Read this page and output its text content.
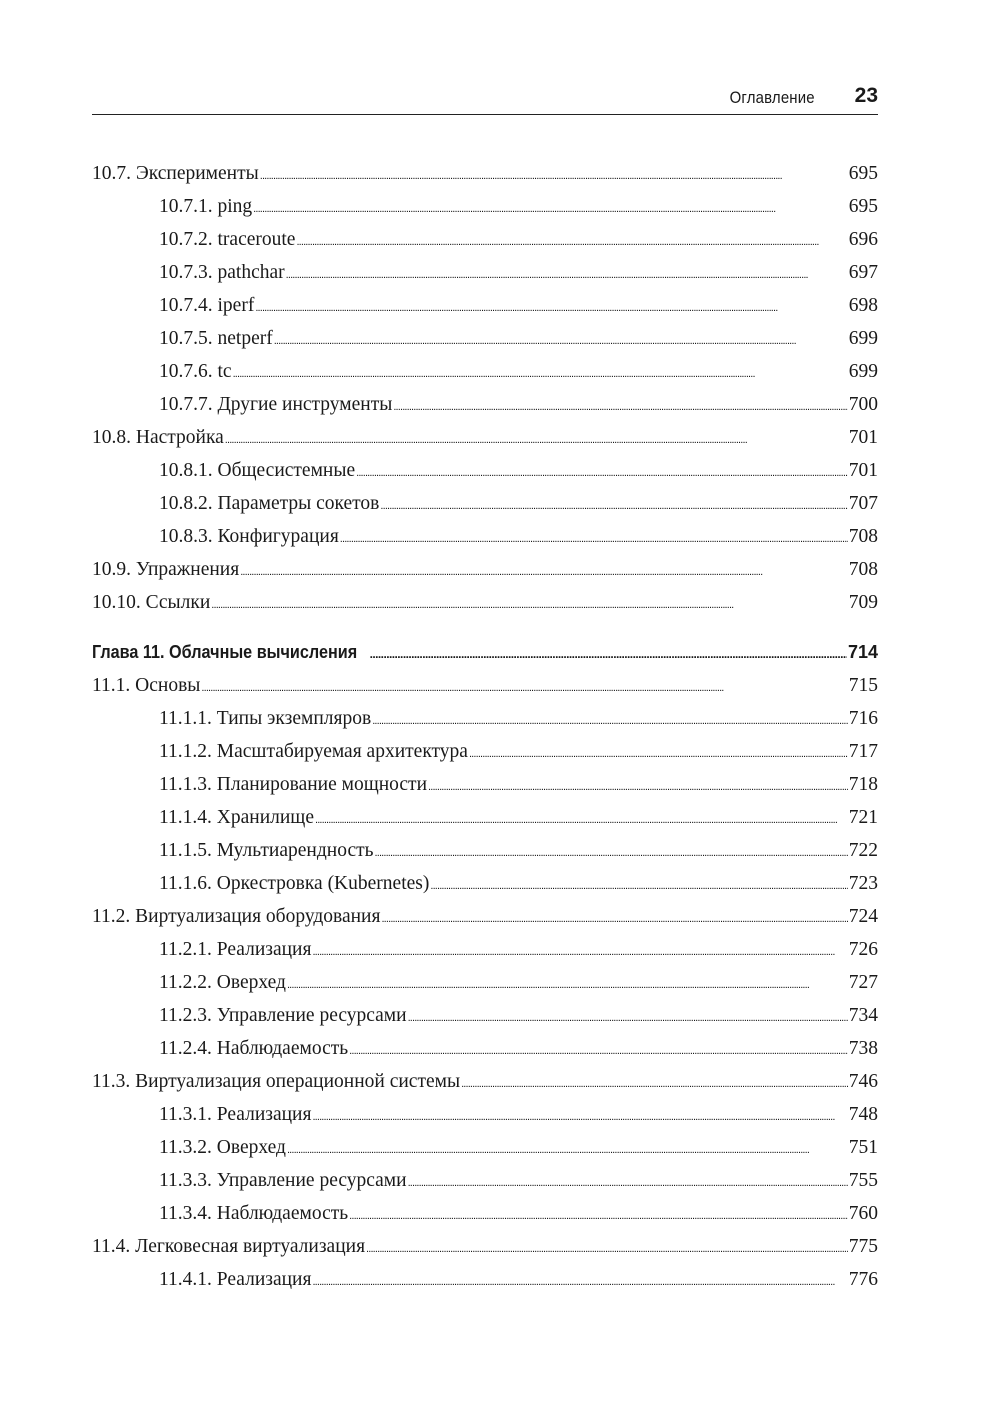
Оглавление 23
10.7. Эксперименты . . .	695
10.7.1. ping . . .	695
10.7.2. traceroute . . .	696
10.7.3. pathchar . . .	697
10.7.4. iperf . . .	698
10.7.5. netperf . . .	699
10.7.6. tc . . .	699
10.7.7. Другие инструменты . . .	700
10.8. Настройка . . .	701
10.8.1. Общесистемные . . .	701
10.8.2. Параметры сокетов . . .	707
10.8.3. Конфигурация . . .	708
10.9. Упражнения . . .	708
10.10. Ссылки . . .	709
Глава 11. Облачные вычисления . . .	714
11.1. Основы . . .	715
11.1.1. Типы экземпляров . . .	716
11.1.2. Масштабируемая архитектура . . .	717
11.1.3. Планирование мощности . . .	718
11.1.4. Хранилище . . .	721
11.1.5. Мультиарендность . . .	722
11.1.6. Оркестровка (Kubernetes) . . .	723
11.2. Виртуализация оборудования . . .	724
11.2.1. Реализация . . .	726
11.2.2. Оверхед . . .	727
11.2.3. Управление ресурсами . . .	734
11.2.4. Наблюдаемость . . .	738
11.3. Виртуализация операционной системы . . .	746
11.3.1. Реализация . . .	748
11.3.2. Оверхед . . .	751
11.3.3. Управление ресурсами . . .	755
11.3.4. Наблюдаемость . . .	760
11.4. Легковесная виртуализация . . .	775
11.4.1. Реализация . . .	776
